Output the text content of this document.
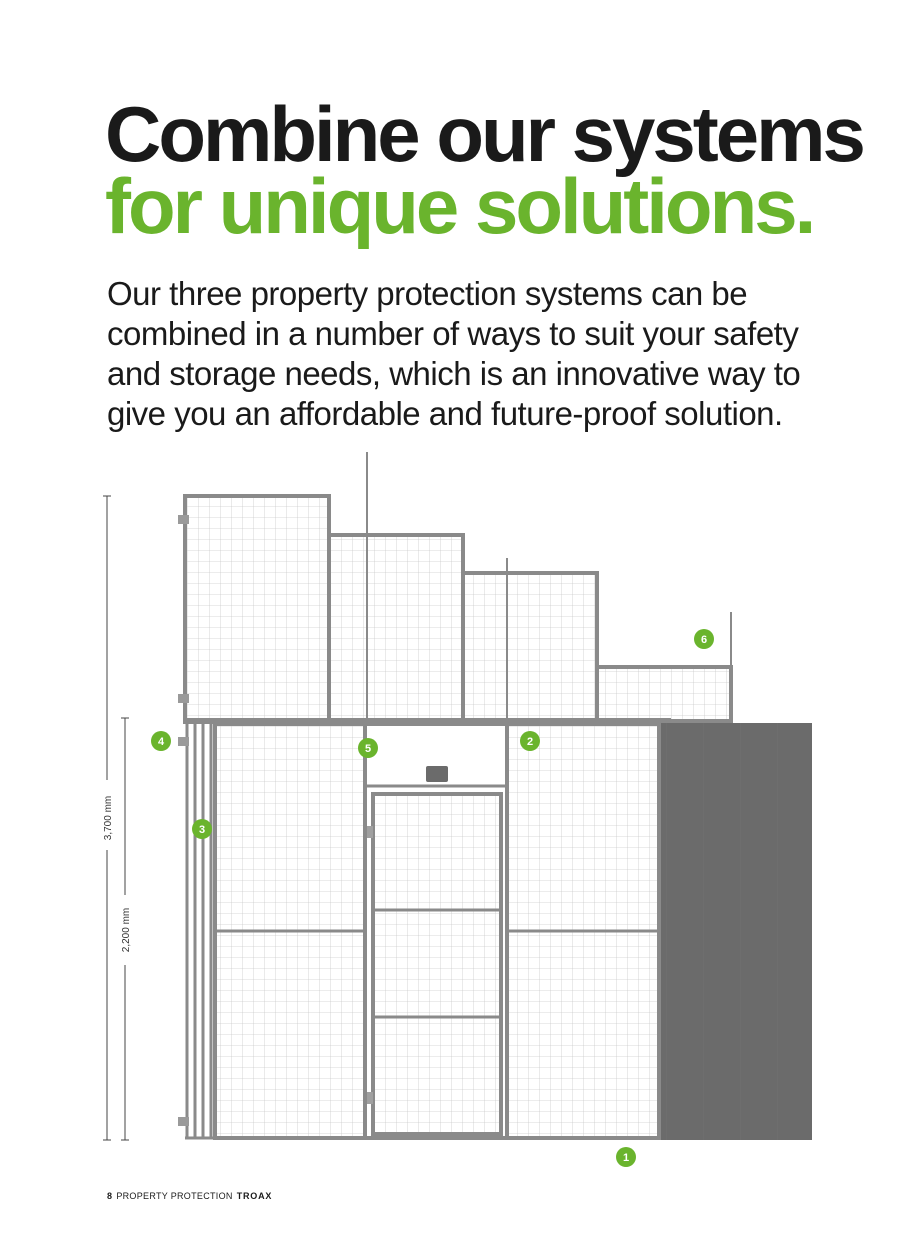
Combine our systems
for unique solutions.

Our three property protection systems can be combined in a number of ways to suit your safety and storage needs, which is an innovative way to give you an affordable and future-proof solution.

3,700 mm
2,200 mm
1
2
3
4
5
6
8 PROPERTY PROTECTION TROAX
